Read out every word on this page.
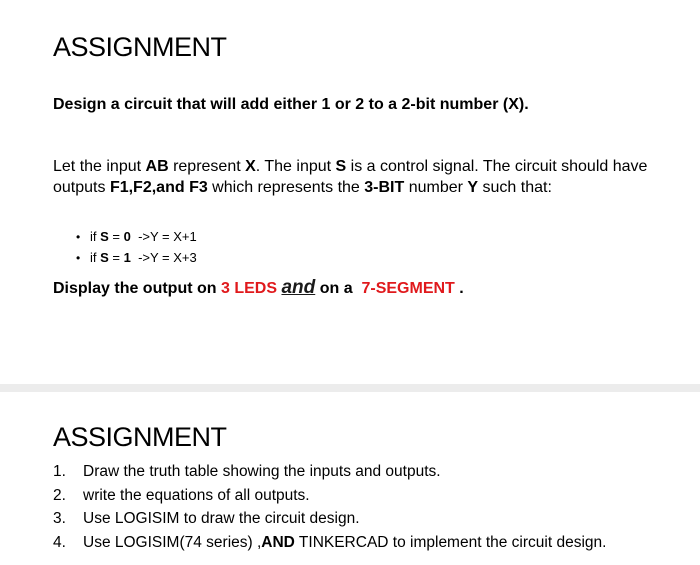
ASSIGNMENT

Design a circuit that will add either 1 or 2 to a 2-bit number (X).

Let the input AB represent X. The input S is a control signal. The circuit should have outputs F1,F2,and F3 which represents the 3-BIT number Y such that:

• if S = 0  ->Y = X+1
• if S = 1  ->Y = X+3

Display the output on 3 LEDS and on a  7-SEGMENT .

ASSIGNMENT
1.	Draw the truth table showing the inputs and outputs.
2.	write the equations of all outputs.
3.	Use LOGISIM to draw the circuit design.
4.	Use LOGISIM(74 series) ,AND TINKERCAD to implement the circuit design.
